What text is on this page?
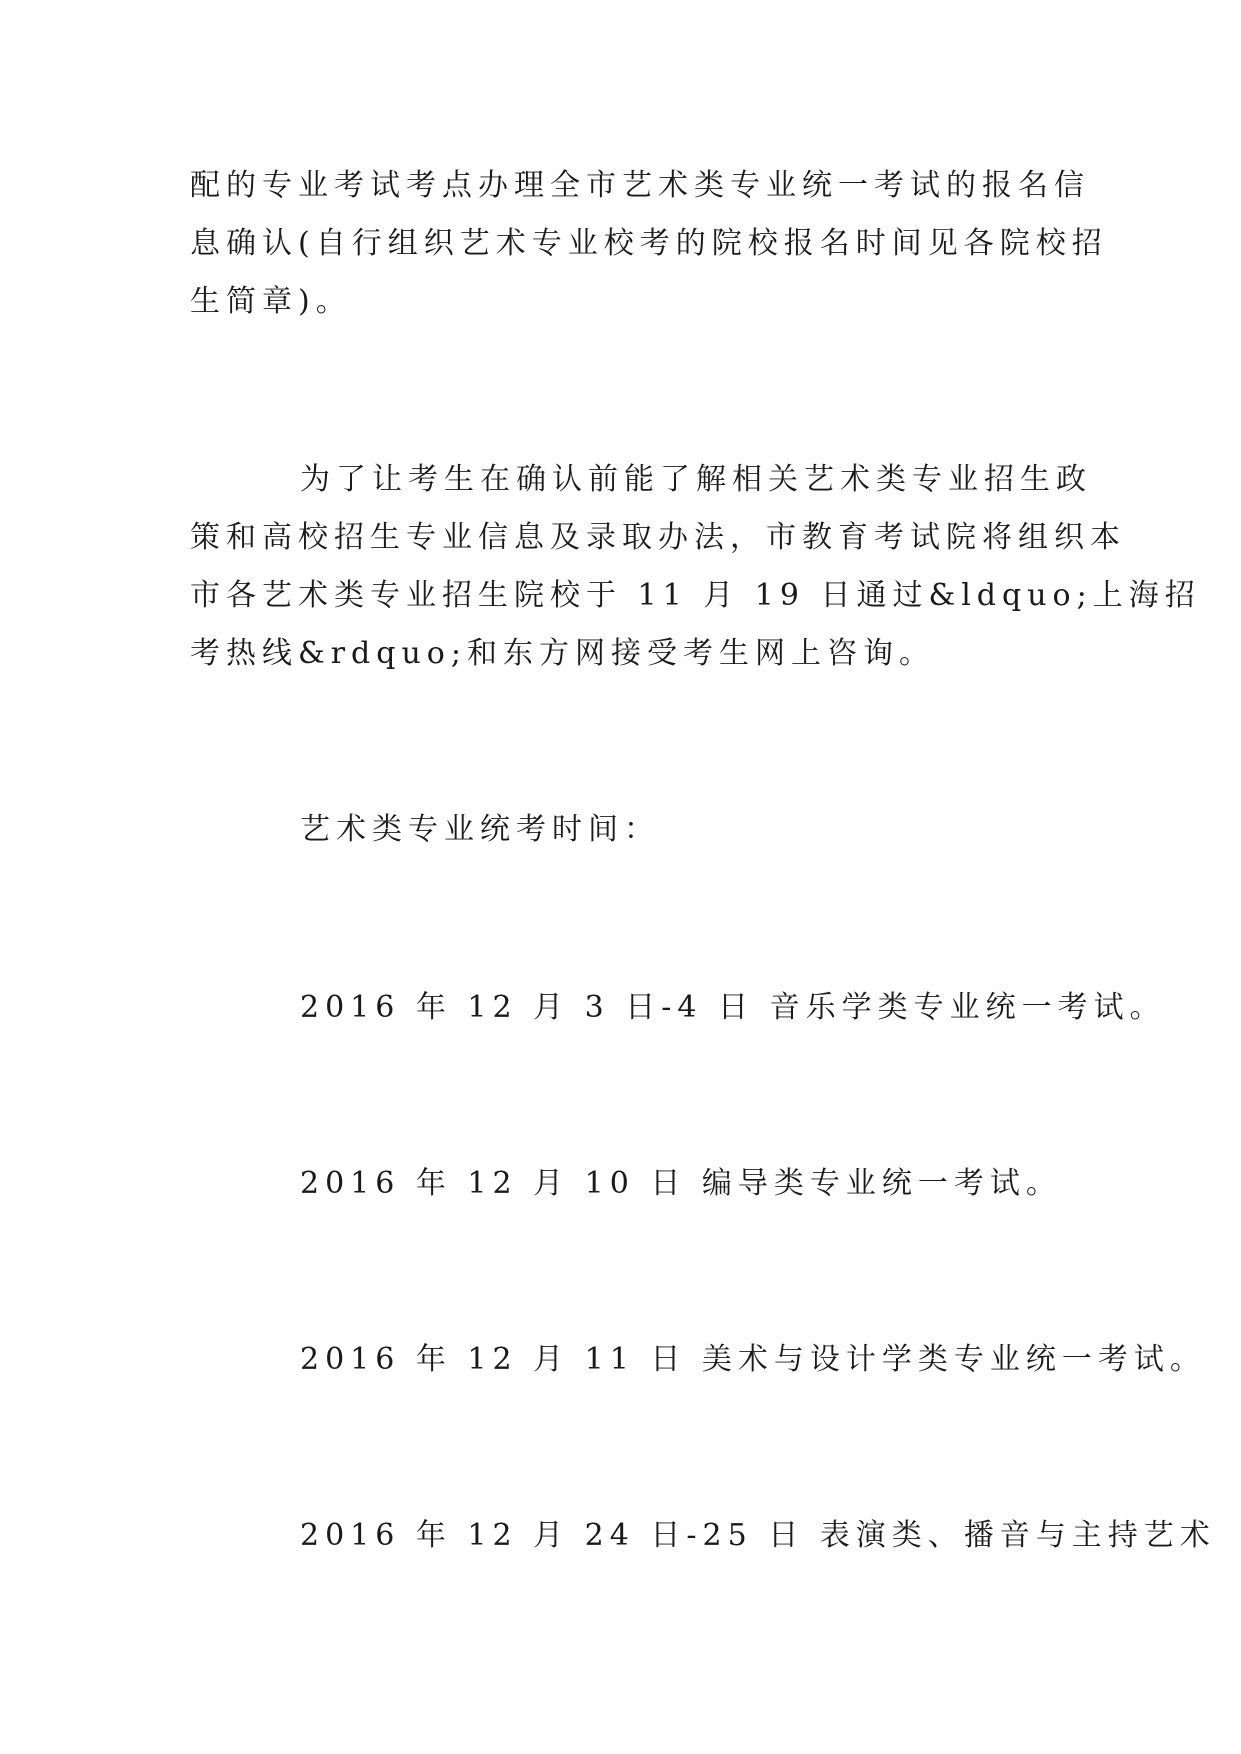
配的专业考试考点办理全市艺术类专业统一考试的报名信
息确认(自行组织艺术专业校考的院校报名时间见各院校招
生简章)。
为了让考生在确认前能了解相关艺术类专业招生政
策和高校招生专业信息及录取办法，市教育考试院将组织本
市各艺术类专业招生院校于 11 月 19 日通过&ldquo;上海招
考热线&rdquo;和东方网接受考生网上咨询。
艺术类专业统考时间：
2016 年 12 月 3 日-4 日 音乐学类专业统一考试。
2016 年 12 月 10 日 编导类专业统一考试。
2016 年 12 月 11 日 美术与设计学类专业统一考试。
2016 年 12 月 24 日-25 日 表演类、播音与主持艺术
